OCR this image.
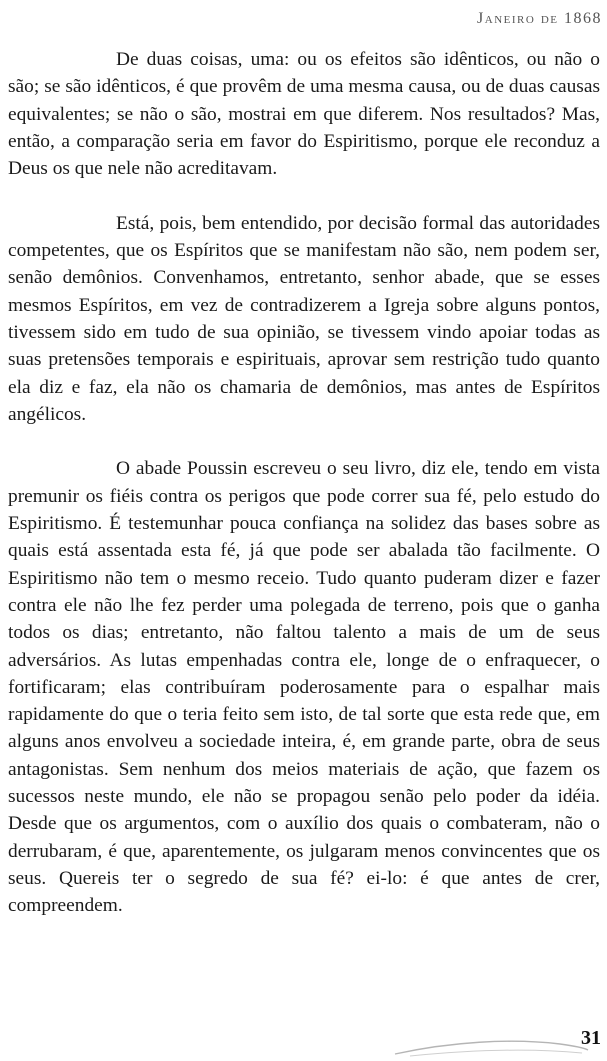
Janeiro de 1868

De duas coisas, uma: ou os efeitos são idênticos, ou não o são; se são idênticos, é que provêm de uma mesma causa, ou de duas causas equivalentes; se não o são, mostrai em que diferem. Nos resultados? Mas, então, a comparação seria em favor do Espiritismo, porque ele reconduz a Deus os que nele não acreditavam.

Está, pois, bem entendido, por decisão formal das autoridades competentes, que os Espíritos que se manifestam não são, nem podem ser, senão demônios. Convenhamos, entretanto, senhor abade, que se esses mesmos Espíritos, em vez de contradizerem a Igreja sobre alguns pontos, tivessem sido em tudo de sua opinião, se tivessem vindo apoiar todas as suas pretensões temporais e espirituais, aprovar sem restrição tudo quanto ela diz e faz, ela não os chamaria de demônios, mas antes de Espíritos angélicos.

O abade Poussin escreveu o seu livro, diz ele, tendo em vista premunir os fiéis contra os perigos que pode correr sua fé, pelo estudo do Espiritismo. É testemunhar pouca confiança na solidez das bases sobre as quais está assentada esta fé, já que pode ser abalada tão facilmente. O Espiritismo não tem o mesmo receio. Tudo quanto puderam dizer e fazer contra ele não lhe fez perder uma polegada de terreno, pois que o ganha todos os dias; entretanto, não faltou talento a mais de um de seus adversários. As lutas empenhadas contra ele, longe de o enfraquecer, o fortificaram; elas contribuíram poderosamente para o espalhar mais rapidamente do que o teria feito sem isto, de tal sorte que esta rede que, em alguns anos envolveu a sociedade inteira, é, em grande parte, obra de seus antagonistas. Sem nenhum dos meios materiais de ação, que fazem os sucessos neste mundo, ele não se propagou senão pelo poder da idéia. Desde que os argumentos, com o auxílio dos quais o combateram, não o derrubaram, é que, aparentemente, os julgaram menos convincentes que os seus. Quereis ter o segredo de sua fé? ei-lo: é que antes de crer, compreendem.

31
